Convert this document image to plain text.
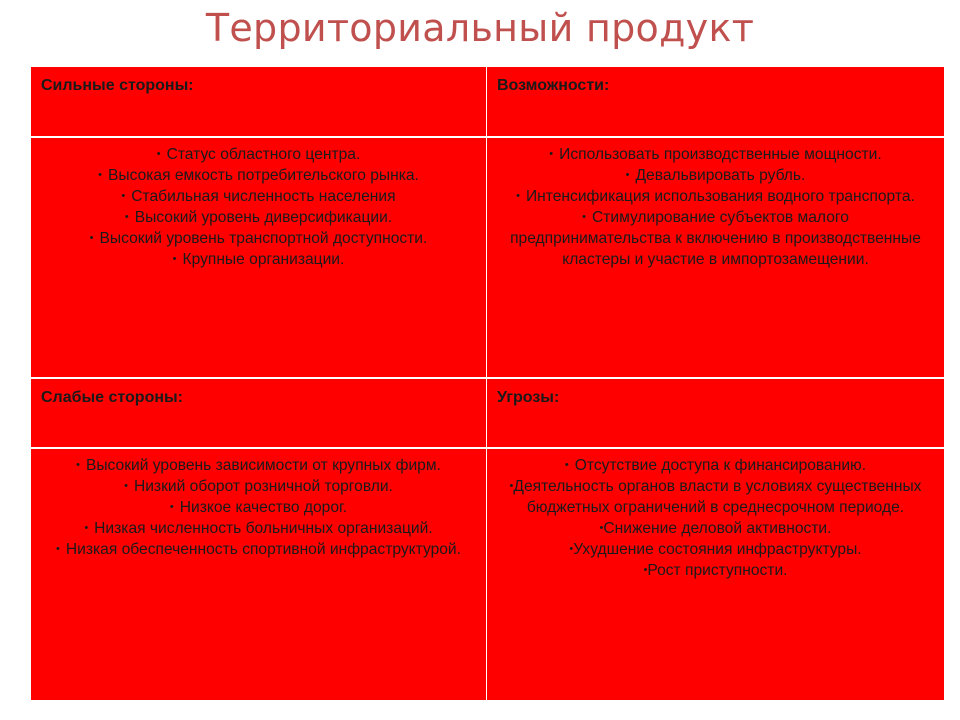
Территориальный продукт
Сильные стороны:	Возможности:
• Статус областного центра.
• Высокая емкость потребительского рынка.
• Стабильная численность населения
• Высокий уровень диверсификации.
• Высокий уровень транспортной доступности.
• Крупные организации.
• Использовать производственные мощности.
• Девальвировать рубль.
• Интенсификация использования водного транспорта.
• Стимулирование субъектов малого предпринимательства к включению в производственные кластеры и участие в импортозамещении.
Слабые стороны:	Угрозы:
• Высокий уровень зависимости от крупных фирм.
• Низкий оборот розничной торговли.
• Низкое качество дорог.
• Низкая численность больничных организаций.
• Низкая обеспеченность спортивной инфраструктурой.
• Отсутствие доступа к финансированию.
•Деятельность органов власти в условиях существенных бюджетных ограничений в среднесрочном периоде.
•Снижение деловой активности.
•Ухудшение состояния инфраструктуры.
•Рост приступности.
